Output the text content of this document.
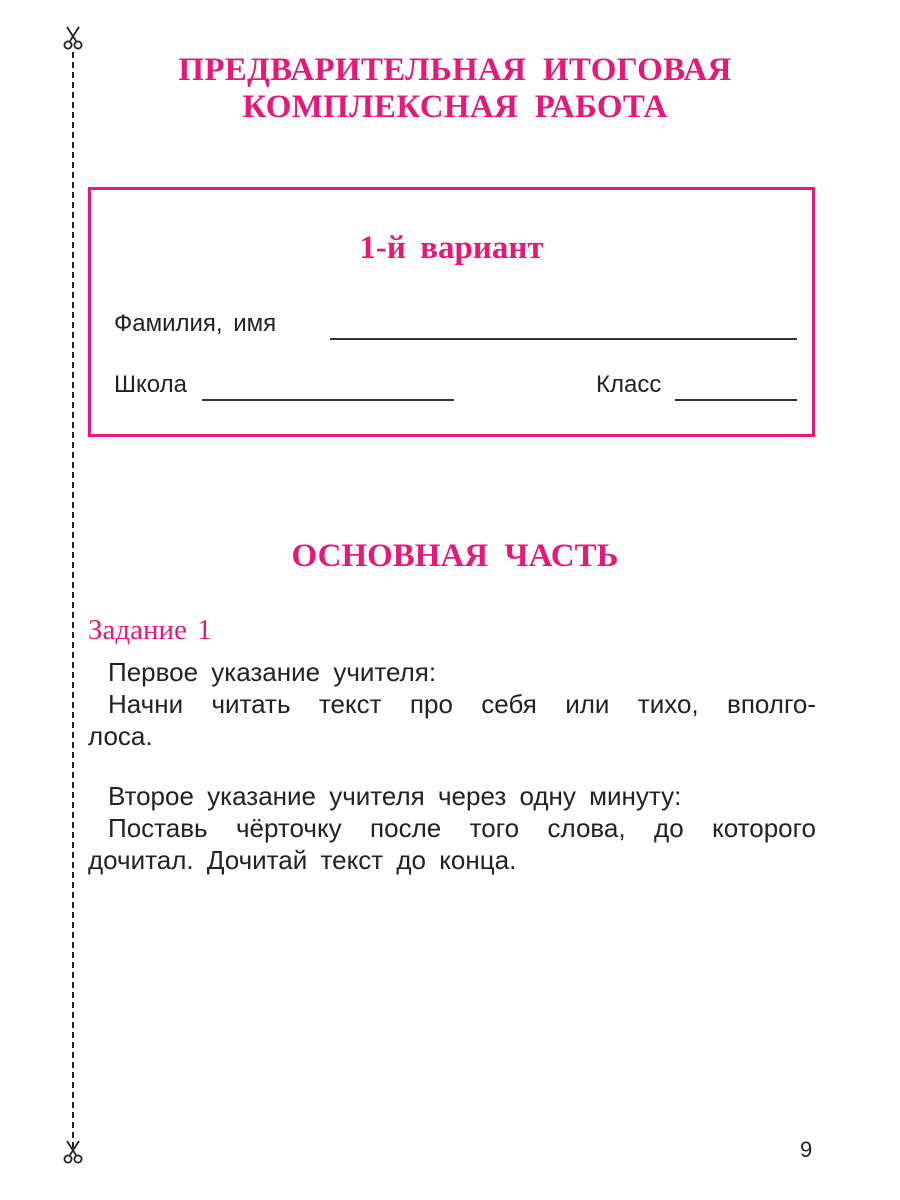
ПРЕДВАРИТЕЛЬНАЯ ИТОГОВАЯ
КОМПЛЕКСНАЯ РАБОТА
1-й вариант
Фамилия, имя
Школа	Класс
ОСНОВНАЯ ЧАСТЬ
Задание 1
Первое указание учителя:
Начни читать текст про себя или тихо, вполго-
лоса.
Второе указание учителя через одну минуту:
Поставь чёрточку после того слова, до которого
дочитал. Дочитай текст до конца.
9
